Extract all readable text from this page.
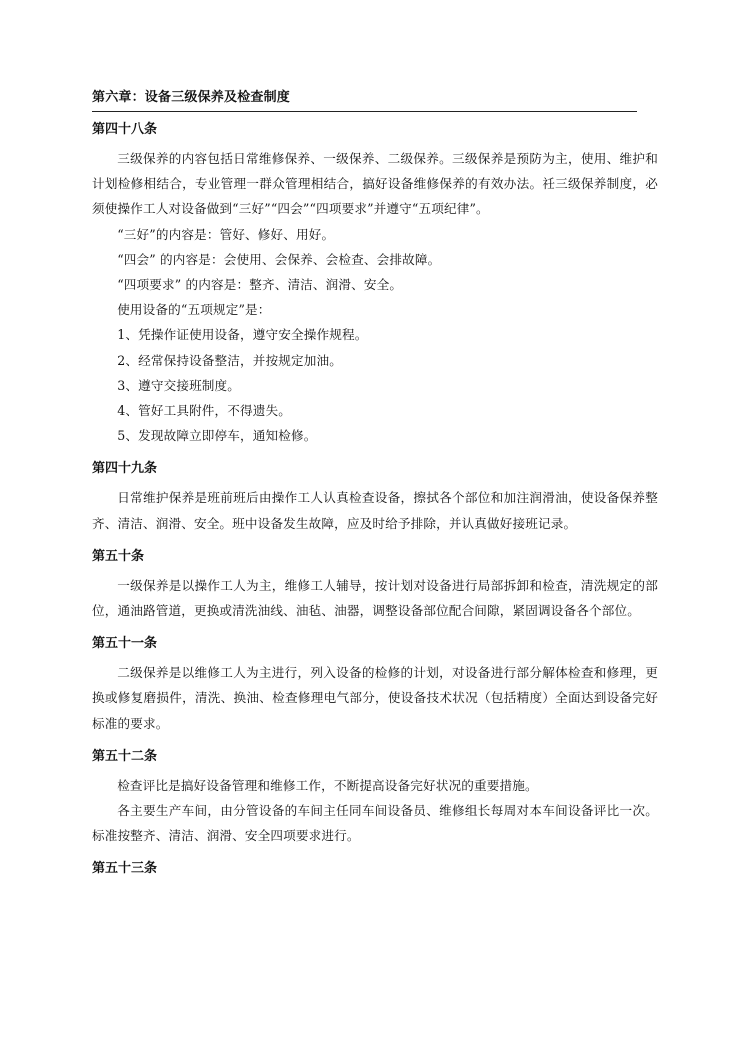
第六章：设备三级保养及检查制度
第四十八条

三级保养的内容包括日常维修保养、一级保养、二级保养。三级保养是预防为主，使用、维护和计划检修相结合，专业管理一群众管理相结合，搞好设备维修保养的有效办法。祍三级保养制度，必须使操作工人对设备做到“三好”“四会”“四项要求”并遵守“五项纪律”。

“三好”的内容是：管好、修好、用好。

“四会” 的内容是：会使用、会保养、会检查、会排故障。

“四项要求” 的内容是：整齐、清洁、润滑、安全。

使用设备的“五项规定”是：

1、凭操作证使用设备，遵守安全操作规程。

2、经常保持设备整洁，并按规定加油。

3、遵守交接班制度。

4、管好工具附件，不得遗失。

5、发现故障立即停车，通知检修。

第四十九条

日常维护保养是班前班后由操作工人认真检查设备，擦拭各个部位和加注润滑油，使设备保养整齐、清洁、润滑、安全。班中设备发生故障，应及时给予排除，并认真做好接班记录。

第五十条

一级保养是以操作工人为主，维修工人辅导，按计划对设备进行局部拆卸和检查，清洗规定的部位，通油路管道，更换或清洗油线、油毡、油器，调整设备部位配合间隙，紧固调设备各个部位。

第五十一条

二级保养是以维修工人为主进行，列入设备的检修的计划，对设备进行部分解体检查和修理，更换或修复磨损件，清洗、换油、检查修理电气部分，使设备技术状况（包括精度）全面达到设备完好标准的要求。

第五十二条

检查评比是搞好设备管理和维修工作，不断提高设备完好状况的重要措施。

各主要生产车间，由分管设备的车间主任同车间设备员、维修组长每周对本车间设备评比一次。标准按整齐、清洁、润滑、安全四项要求进行。

第五十三条
